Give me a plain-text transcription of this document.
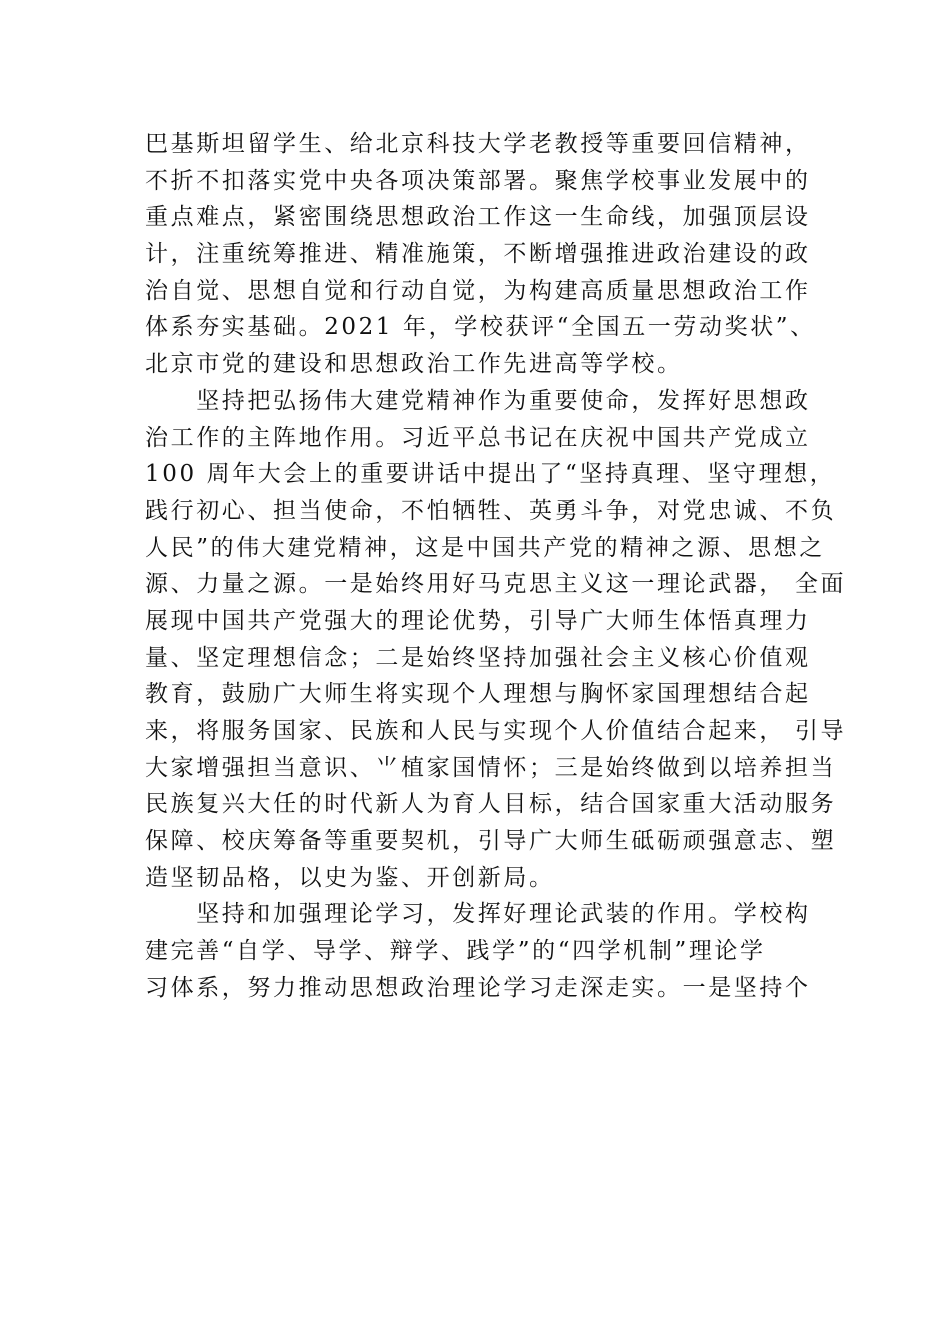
巴基斯坦留学生、给北京科技大学老教授等重要回信精神，
不折不扣落实党中央各项决策部署。聚焦学校事业发展中的
重点难点，紧密围绕思想政治工作这一生命线，加强顶层设
计，注重统筹推进、精准施策，不断增强推进政治建设的政
治自觉、思想自觉和行动自觉，为构建高质量思想政治工作
体系夯实基础。2021 年，学校获评“全国五一劳动奖状”、
北京市党的建设和思想政治工作先进高等学校。
　　坚持把弘扬伟大建党精神作为重要使命，发挥好思想政
治工作的主阵地作用。习近平总书记在庆祝中国共产党成立
100 周年大会上的重要讲话中提出了“坚持真理、坚守理想，
践行初心、担当使命，不怕牺牲、英勇斗争，对党忠诚、不负
人民”的伟大建党精神，这是中国共产党的精神之源、思想之
源、力量之源。一是始终用好马克思主义这一理论武器， 全面
展现中国共产党强大的理论优势，引导广大师生体悟真理力
量、坚定理想信念；二是始终坚持加强社会主义核心价值观
教育，鼓励广大师生将实现个人理想与胸怀家国理想结合起
来，将服务国家、民族和人民与实现个人价值结合起来， 引导
大家增强担当意识、⺌植家国情怀；三是始终做到以培养担当
民族复兴大任的时代新人为育人目标，结合国家重大活动服务
保障、校庆筹备等重要契机，引导广大师生砥砺顽强意志、塑
造坚韧品格，以史为鉴、开创新局。
　　坚持和加强理论学习，发挥好理论武装的作用。学校构
建完善“自学、导学、辩学、践学”的“四学机制”理论学
习体系，努力推动思想政治理论学习走深走实。一是坚持个
